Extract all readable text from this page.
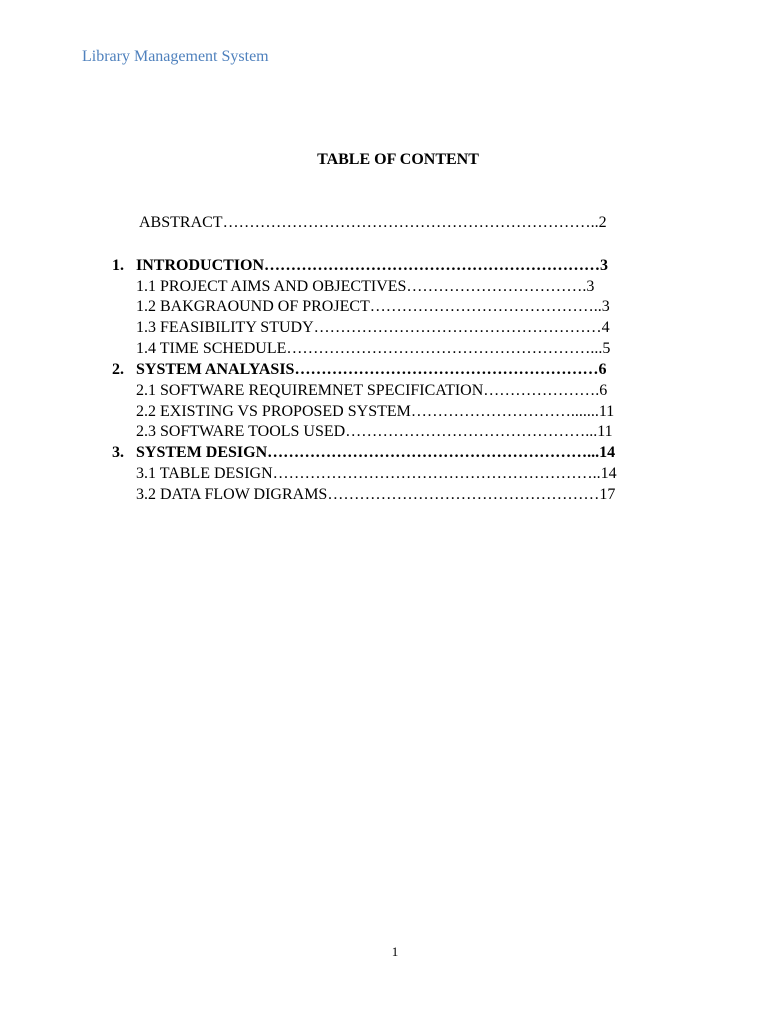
Library Management System
TABLE OF CONTENT
ABSTRACT……………………………………………………………..2
1. INTRODUCTION………………………………………………………3
1.1 PROJECT AIMS AND OBJECTIVES…………………………….3
1.2 BAKGRAOUND OF PROJECT……………………………………..3
1.3 FEASIBILITY STUDY………………………………………………4
1.4 TIME SCHEDULE…………………………………………………...5
2. SYSTEM ANALYASIS…………………………………………………6
2.1 SOFTWARE REQUIREMNET SPECIFICATION………………….6
2.2 EXISTING VS PROPOSED SYSTEM………………………….......11
2.3 SOFTWARE TOOLS USED………………………………………...11
3. SYSTEM DESIGN……………………………………………………...14
3.1 TABLE DESIGN……………………………………………………..14
3.2 DATA FLOW DIGRAMS……………………………………………17
1
